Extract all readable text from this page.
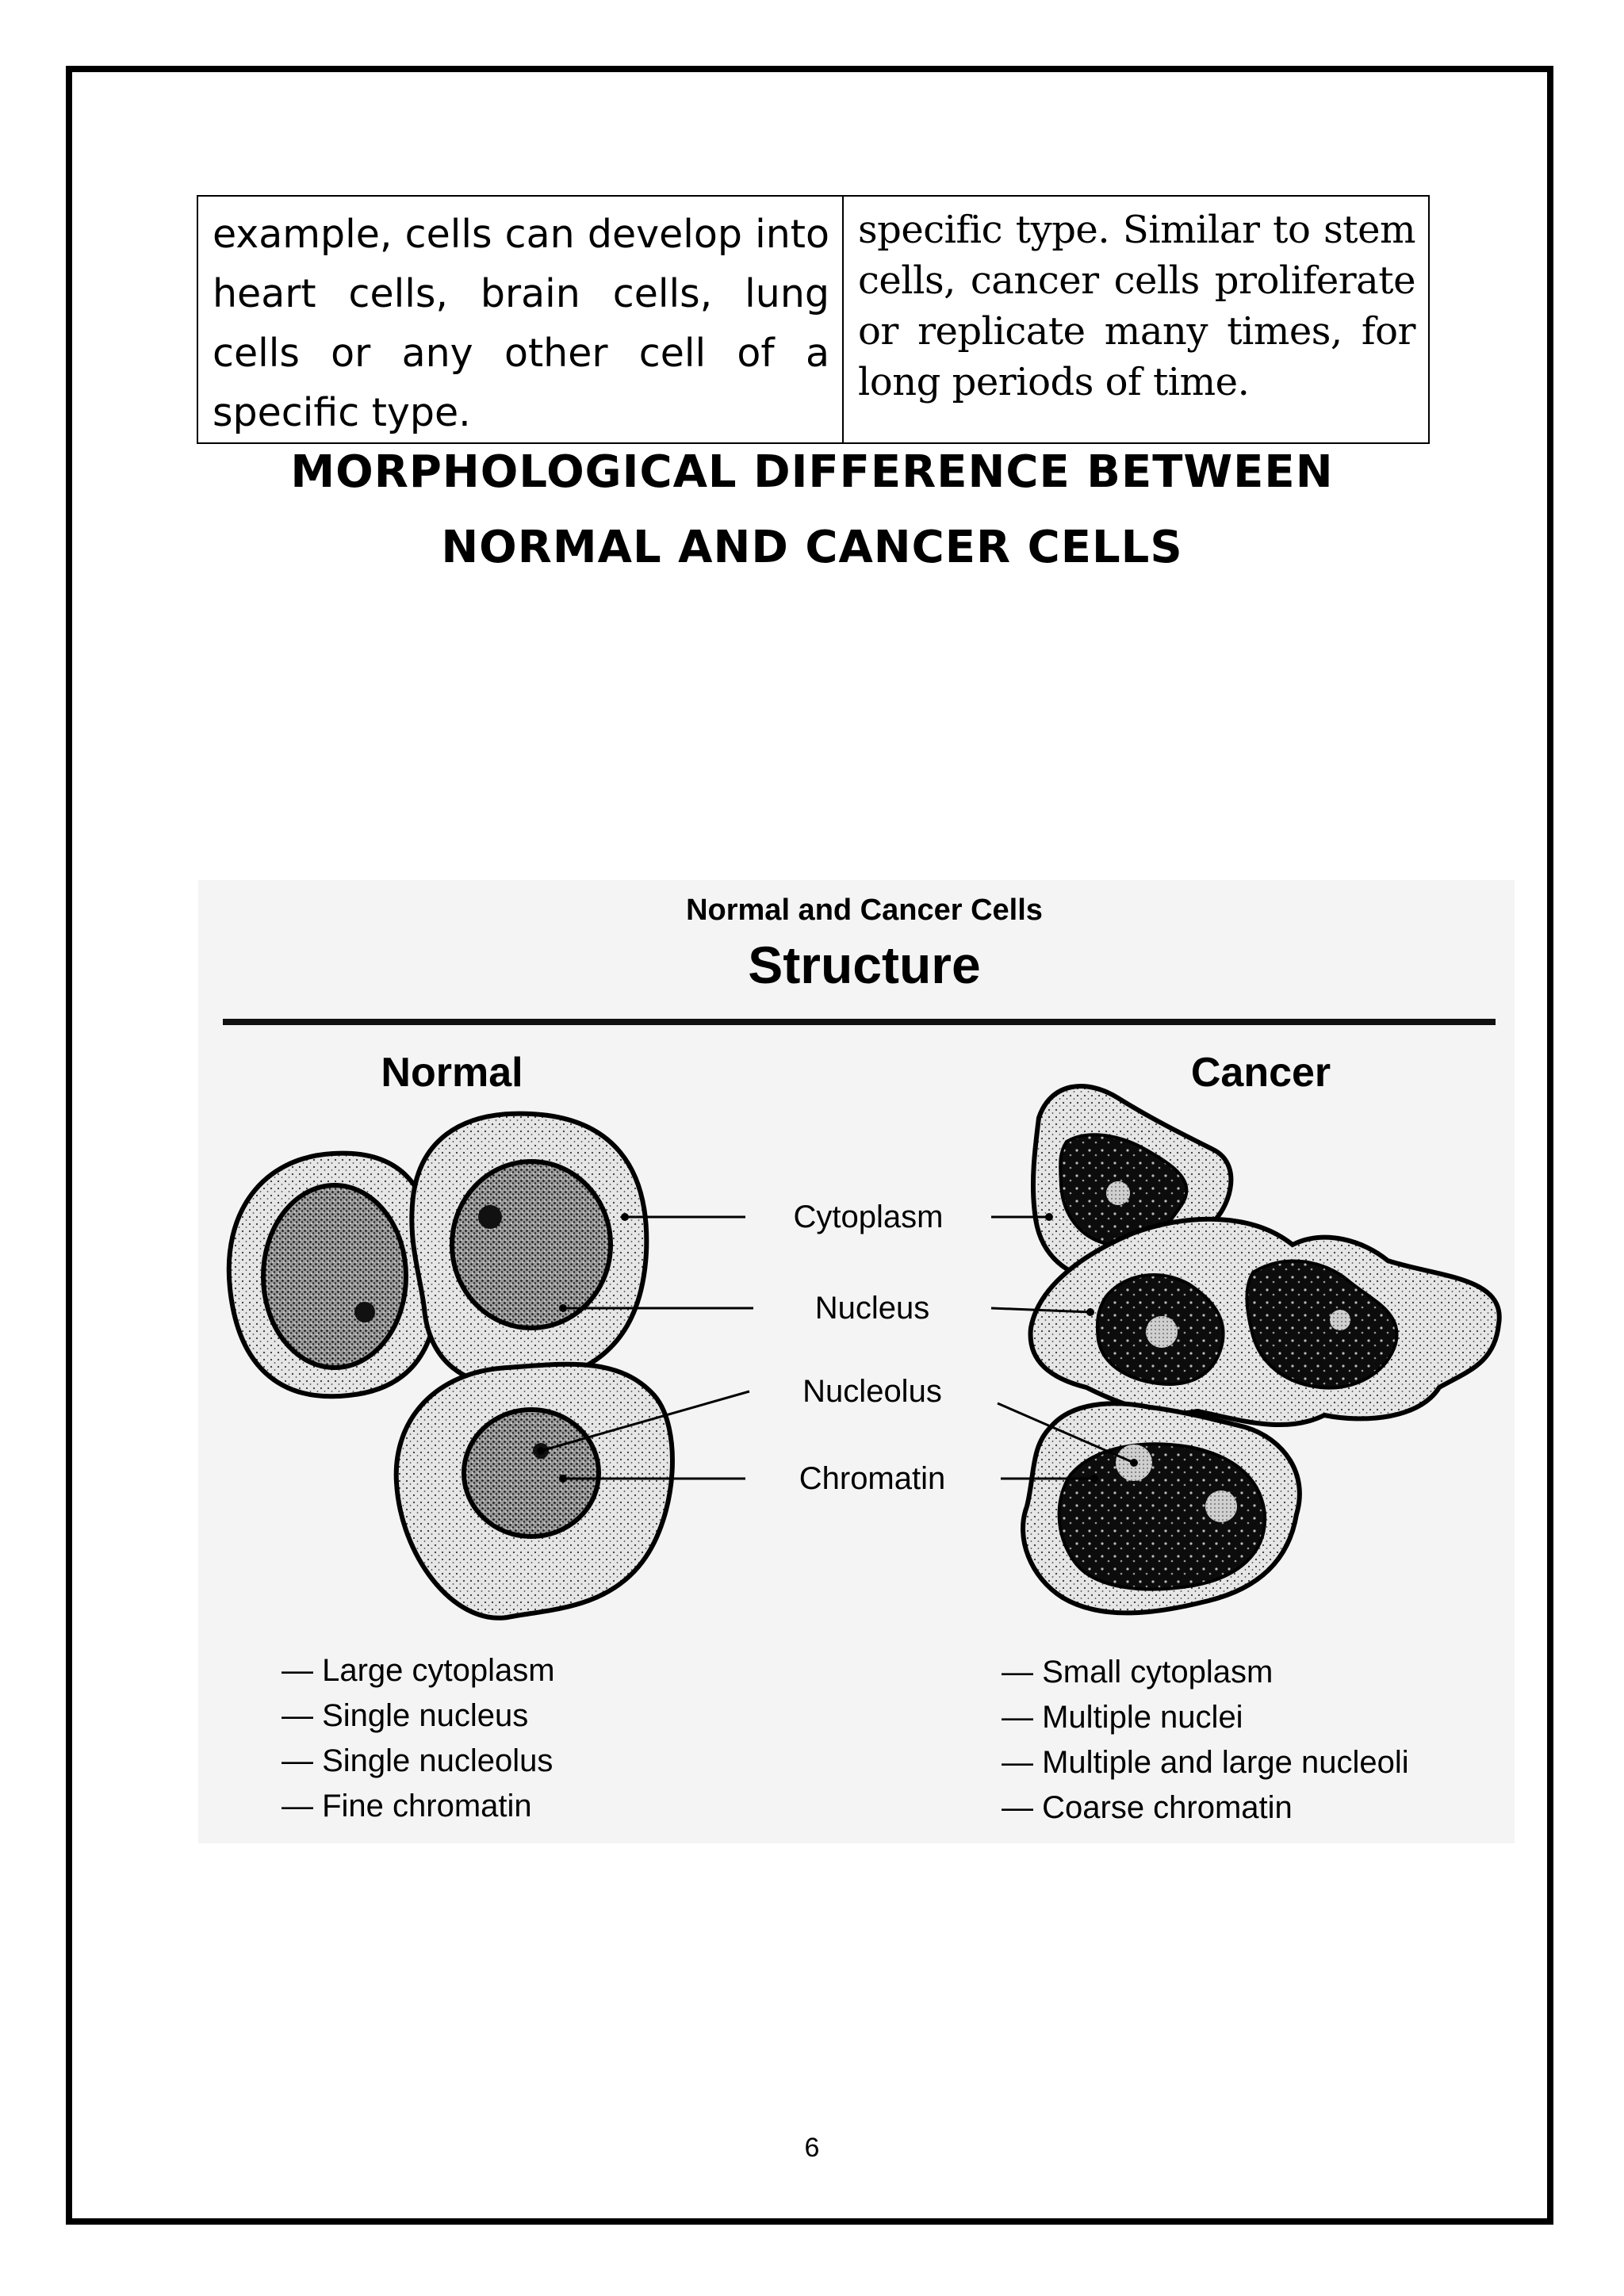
example, cells can develop into heart cells, brain cells, lung cells or any other cell of a specific type.	specific type. Similar to stem cells, cancer cells proliferate or replicate many times, for long periods of time.
MORPHOLOGICAL DIFFERENCE BETWEEN
NORMAL AND CANCER CELLS
Normal and Cancer Cells
Structure
Normal	Cancer
Cytoplasm
Nucleus
Nucleolus
Chromatin
— Large cytoplasm
— Single nucleus
— Single nucleolus
— Fine chromatin
— Small cytoplasm
— Multiple nuclei
— Multiple and large nucleoli
— Coarse chromatin
6
